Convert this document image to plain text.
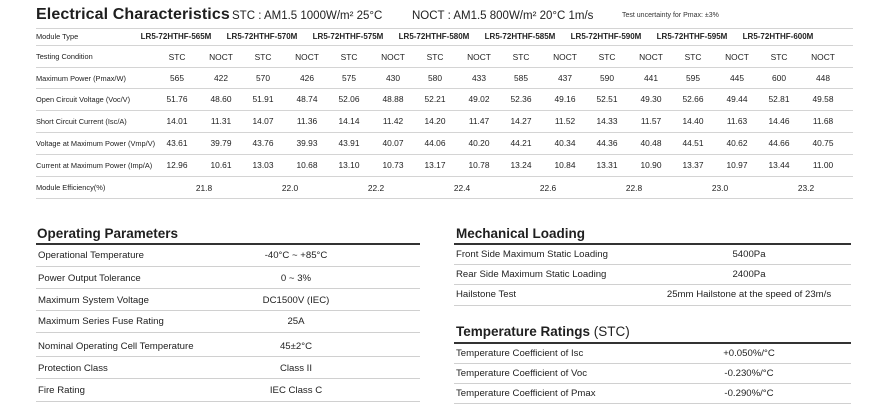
Electrical Characteristics STC : AM1.5 1000W/m² 25°C	NOCT : AM1.5 800W/m² 20°C 1m/s	Test uncertainty for Pmax: ±3%
Module Type	LR5-72HTHF-565M	LR5-72HTHF-570M	LR5-72HTHF-575M	LR5-72HTHF-580M	LR5-72HTHF-585M	LR5-72HTHF-590M	LR5-72HTHF-595M	LR5-72HTHF-600M
Testing Condition	STC	NOCT	STC	NOCT	STC	NOCT	STC	NOCT	STC	NOCT	STC	NOCT	STC	NOCT	STC	NOCT
Maximum Power (Pmax/W)	565	422	570	426	575	430	580	433	585	437	590	441	595	445	600	448
Open Circuit Voltage (Voc/V)	51.76	48.60	51.91	48.74	52.06	48.88	52.21	49.02	52.36	49.16	52.51	49.30	52.66	49.44	52.81	49.58
Short Circuit Current (Isc/A)	14.01	11.31	14.07	11.36	14.14	11.42	14.20	11.47	14.27	11.52	14.33	11.57	14.40	11.63	14.46	11.68
Voltage at Maximum Power (Vmp/V)	43.61	39.79	43.76	39.93	43.91	40.07	44.06	40.20	44.21	40.34	44.36	40.48	44.51	40.62	44.66	40.75
Current at Maximum Power (Imp/A)	12.96	10.61	13.03	10.68	13.10	10.73	13.17	10.78	13.24	10.84	13.31	10.90	13.37	10.97	13.44	11.00
Module Efficiency(%)	21.8	22.0	22.2	22.4	22.6	22.8	23.0	23.2
Operating Parameters
Operational Temperature	-40°C ~ +85°C
Power Output Tolerance	0 ~ 3%
Maximum System Voltage	DC1500V (IEC)
Maximum Series Fuse Rating	25A
Nominal Operating Cell Temperature	45±2°C
Protection Class	Class II
Fire Rating	IEC Class C
Mechanical Loading
Front Side Maximum Static Loading	5400Pa
Rear Side Maximum Static Loading	2400Pa
Hailstone Test	25mm Hailstone at the speed of 23m/s
Temperature Ratings (STC)
Temperature Coefficient of Isc	+0.050%/°C
Temperature Coefficient of Voc	-0.230%/°C
Temperature Coefficient of Pmax	-0.290%/°C
